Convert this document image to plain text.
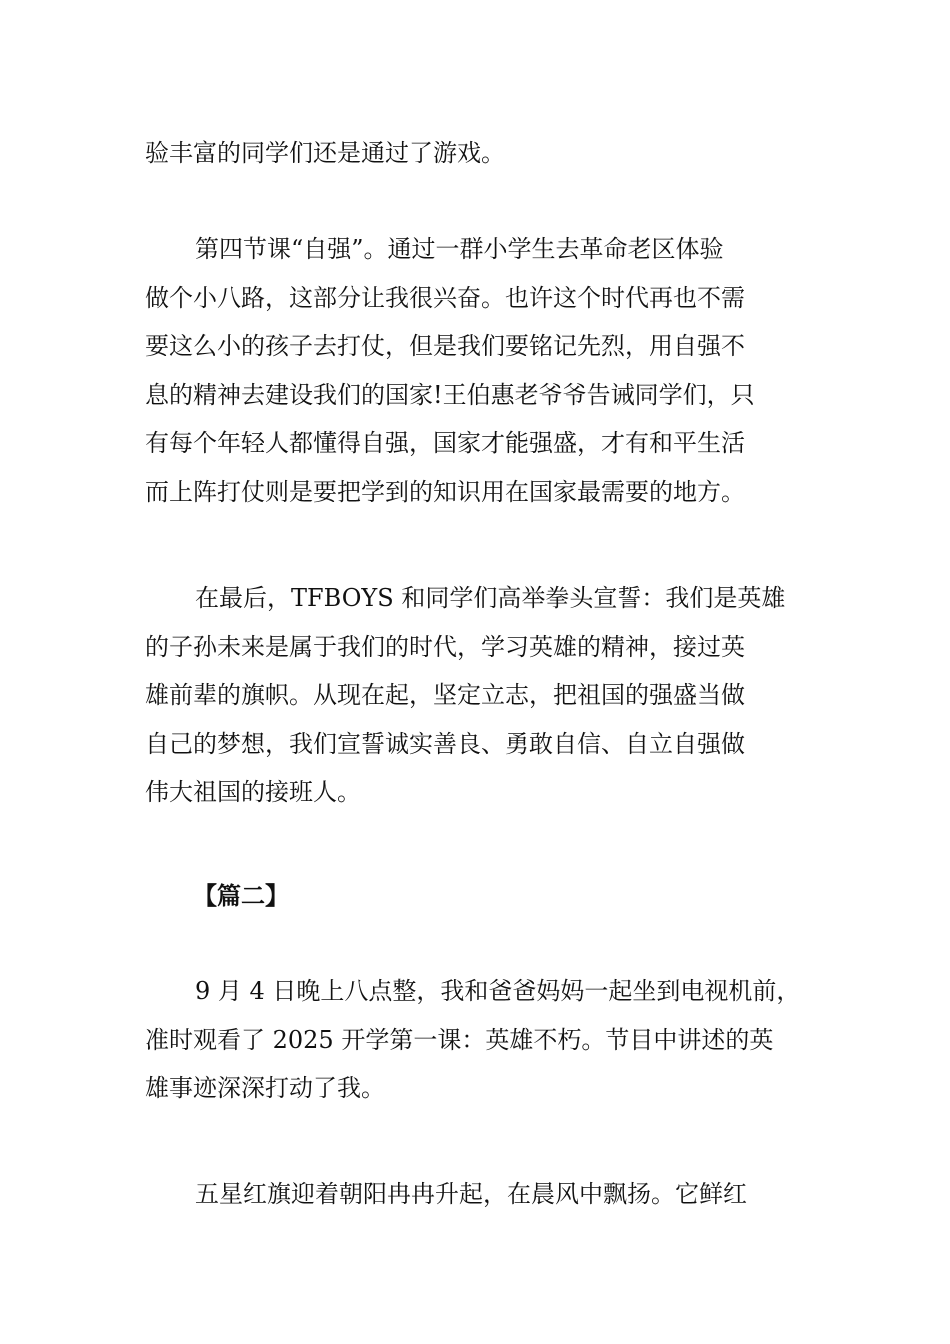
验丰富的同学们还是通过了游戏。

第四节课“自强”。通过一群小学生去革命老区体验
做个小八路，这部分让我很兴奋。也许这个时代再也不需
要这么小的孩子去打仗，但是我们要铭记先烈，用自强不
息的精神去建设我们的国家!王伯惠老爷爷告诫同学们，只
有每个年轻人都懂得自强，国家才能强盛，才有和平生活
而上阵打仗则是要把学到的知识用在国家最需要的地方。

在最后，TFBOYS 和同学们高举拳头宣誓：我们是英雄
的子孙未来是属于我们的时代，学习英雄的精神，接过英
雄前辈的旗帜。从现在起，坚定立志，把祖国的强盛当做
自己的梦想，我们宣誓诚实善良、勇敢自信、自立自强做
伟大祖国的接班人。

【篇二】

9 月 4 日晚上八点整，我和爸爸妈妈一起坐到电视机前，
准时观看了 2025 开学第一课：英雄不朽。节目中讲述的英
雄事迹深深打动了我。

五星红旗迎着朝阳冉冉升起，在晨风中飘扬。它鲜红
